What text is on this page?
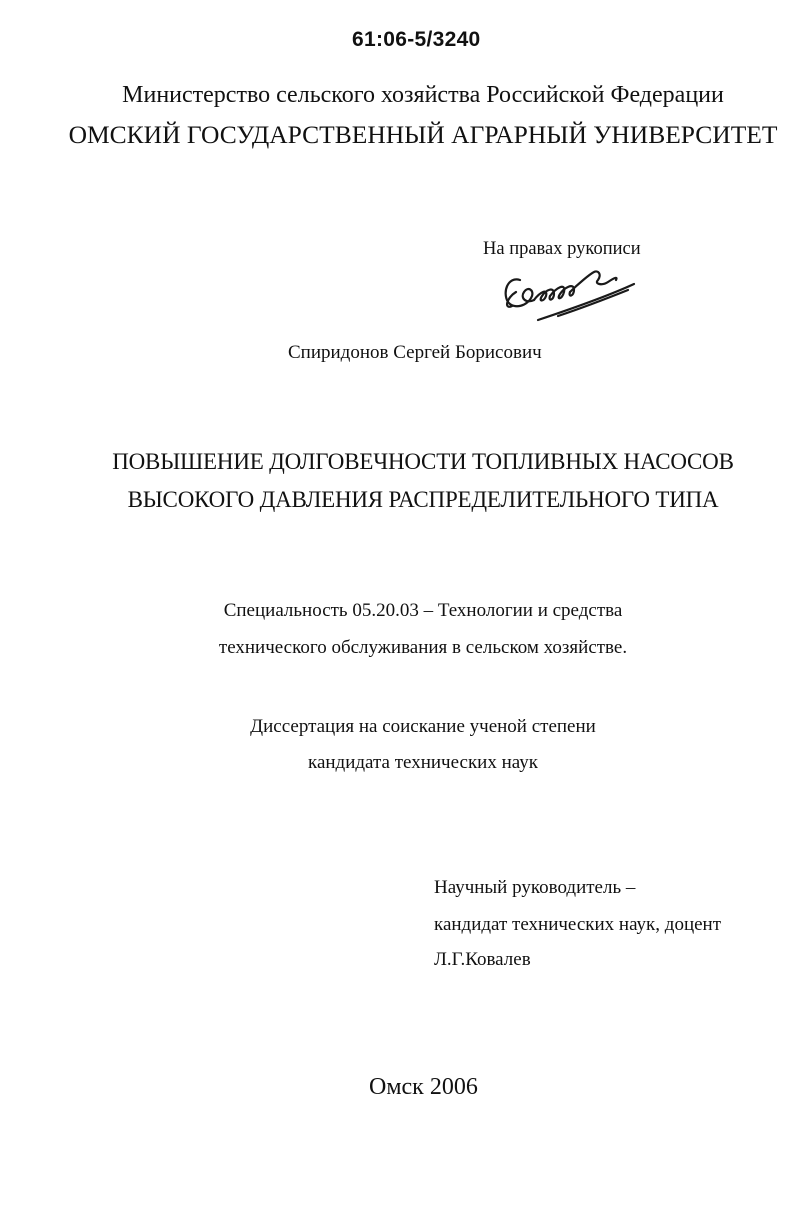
61:06-5/3240

Министерство сельского хозяйства Российской Федерации

ОМСКИЙ ГОСУДАРСТВЕННЫЙ АГРАРНЫЙ УНИВЕРСИТЕТ

На правах рукописи

Спиридонов Сергей Борисович

ПОВЫШЕНИЕ ДОЛГОВЕЧНОСТИ ТОПЛИВНЫХ НАСОСОВ

ВЫСОКОГО ДАВЛЕНИЯ РАСПРЕДЕЛИТЕЛЬНОГО ТИПА

Специальность 05.20.03 – Технологии и средства

технического обслуживания в сельском хозяйстве.

Диссертация на соискание ученой степени

кандидата технических наук

Научный руководитель –

кандидат технических наук, доцент

Л.Г.Ковалев

Омск 2006
